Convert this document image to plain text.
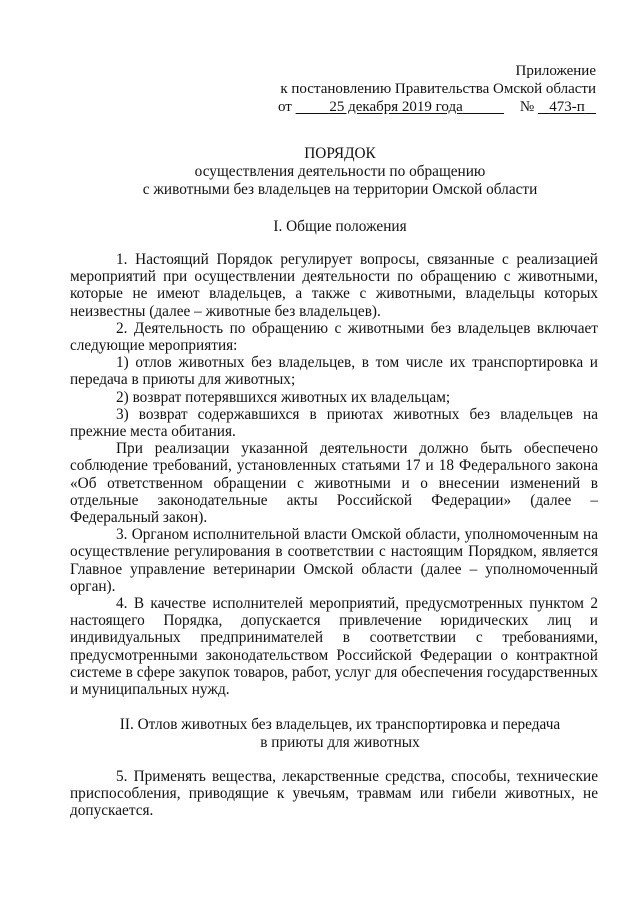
Приложение
к постановлению Правительства Омской области
от	25 декабря 2019 года	№ 473-п
ПОРЯДОК
осуществления деятельности по обращению
с животными без владельцев на территории Омской области
I. Общие положения

1. Настоящий Порядок регулирует вопросы, связанные с реализацией мероприятий при осуществлении деятельности по обращению с животными, которые не имеют владельцев, а также с животными, владельцы которых неизвестны (далее – животные без владельцев).

2. Деятельность по обращению с животными без владельцев включает следующие мероприятия:

1) отлов животных без владельцев, в том числе их транспортировка и передача в приюты для животных;

2) возврат потерявшихся животных их владельцам;

3) возврат содержавшихся в приютах животных без владельцев на прежние места обитания.

При реализации указанной деятельности должно быть обеспечено соблюдение требований, установленных статьями 17 и 18 Федерального закона «Об ответственном обращении с животными и о внесении изменений в отдельные законодательные акты Российской Федерации» (далее – Федеральный закон).

3. Органом исполнительной власти Омской области, уполномоченным на осуществление регулирования в соответствии с настоящим Порядком, является Главное управление ветеринарии Омской области (далее – уполномоченный орган).

4. В качестве исполнителей мероприятий, предусмотренных пунктом 2 настоящего Порядка, допускается привлечение юридических лиц и индивидуальных предпринимателей в соответствии с требованиями, предусмотренными законодательством Российской Федерации о контрактной системе в сфере закупок товаров, работ, услуг для обеспечения государственных и муниципальных нужд.

II. Отлов животных без владельцев, их транспортировка и передача
в приюты для животных

5. Применять вещества, лекарственные средства, способы, технические приспособления, приводящие к увечьям, травмам или гибели животных, не допускается.
